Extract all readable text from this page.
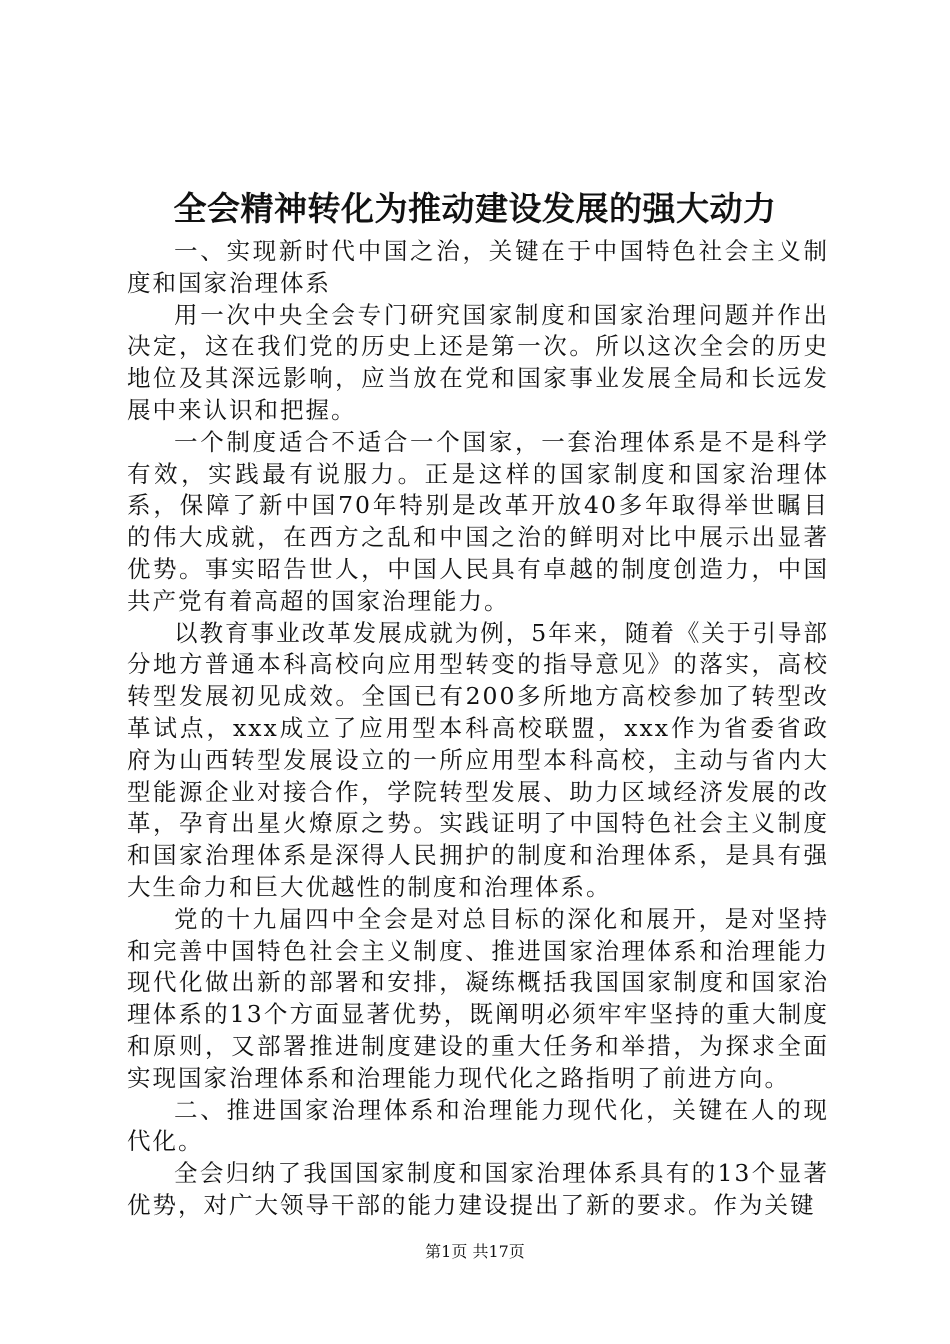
全会精神转化为推动建设发展的强大动力

一、实现新时代中国之治，关键在于中国特色社会主义制度和国家治理体系

用一次中央全会专门研究国家制度和国家治理问题并作出决定，这在我们党的历史上还是第一次。所以这次全会的历史地位及其深远影响，应当放在党和国家事业发展全局和长远发展中来认识和把握。

一个制度适合不适合一个国家，一套治理体系是不是科学有效，实践最有说服力。正是这样的国家制度和国家治理体系，保障了新中国70年特别是改革开放40多年取得举世瞩目的伟大成就，在西方之乱和中国之治的鲜明对比中展示出显著优势。事实昭告世人，中国人民具有卓越的制度创造力，中国共产党有着高超的国家治理能力。

以教育事业改革发展成就为例，5年来，随着《关于引导部分地方普通本科高校向应用型转变的指导意见》的落实，高校转型发展初见成效。全国已有200多所地方高校参加了转型改革试点，xxx成立了应用型本科高校联盟，xxx作为省委省政府为山西转型发展设立的一所应用型本科高校，主动与省内大型能源企业对接合作，学院转型发展、助力区域经济发展的改革，孕育出星火燎原之势。实践证明了中国特色社会主义制度和国家治理体系是深得人民拥护的制度和治理体系，是具有强大生命力和巨大优越性的制度和治理体系。

党的十九届四中全会是对总目标的深化和展开，是对坚持和完善中国特色社会主义制度、推进国家治理体系和治理能力现代化做出新的部署和安排，凝练概括我国国家制度和国家治理体系的13个方面显著优势，既阐明必须牢牢坚持的重大制度和原则，又部署推进制度建设的重大任务和举措，为探求全面实现国家治理体系和治理能力现代化之路指明了前进方向。

二、推进国家治理体系和治理能力现代化，关键在人的现代化。

全会归纳了我国国家制度和国家治理体系具有的13个显著优势，对广大领导干部的能力建设提出了新的要求。作为关键

第1页 共17页
